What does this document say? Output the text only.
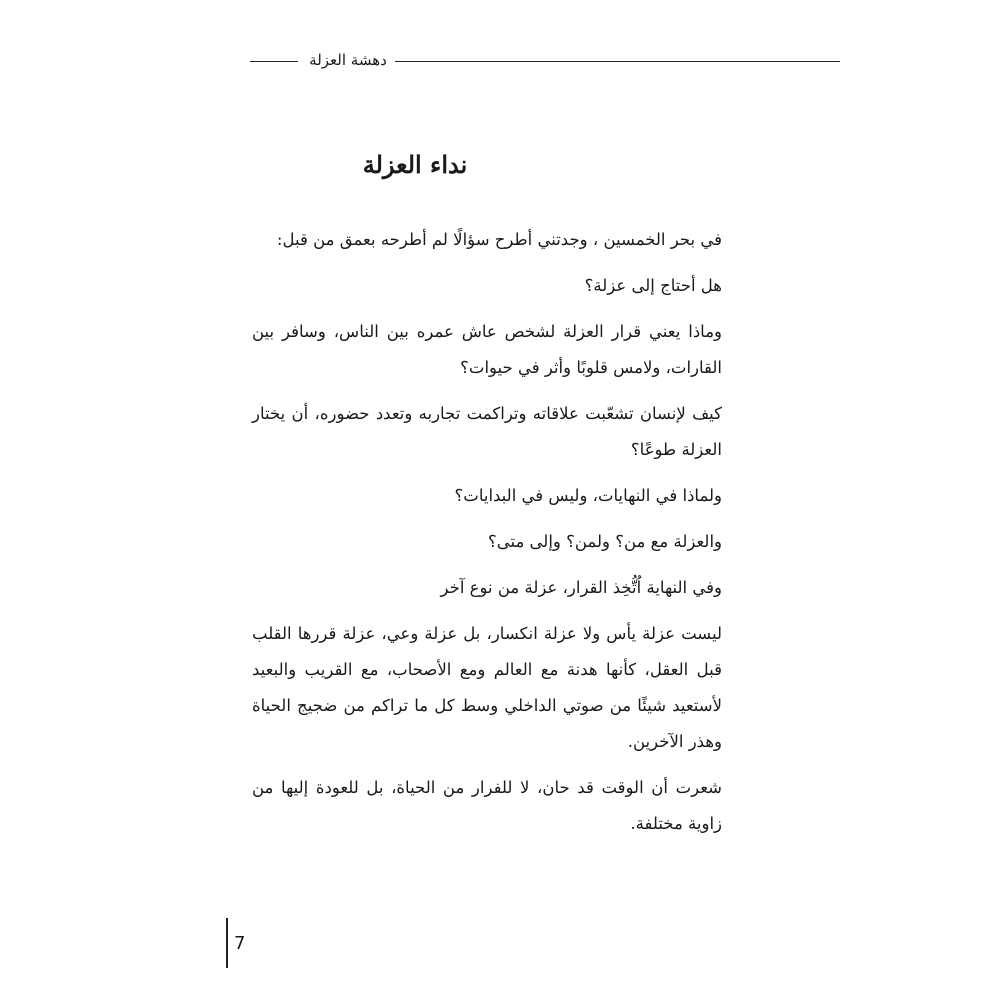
دهشة العزلة
نداء العزلة

في بحر الخمسين ، وجدتني أطرح سؤالًا لم أطرحه بعمق من قبل:

هل أحتاج إلى عزلة؟

وماذا يعني قرار العزلة لشخص عاش عمره بين الناس، وسافر بين القارات، ولامس قلوبًا وأثر في حيوات؟

كيف لإنسان تشعّبت علاقاته وتراكمت تجاربه وتعدد حضوره، أن يختار العزلة طوعًا؟

ولماذا في النهايات، وليس في البدايات؟

والعزلة مع من؟ ولمن؟ وإلى متى؟

وفي النهاية اُتُّخِذ القرار، عزلة من نوع آخر

ليست عزلة يأس ولا عزلة انكسار، بل عزلة وعي، عزلة قررها القلب قبل العقل، كأنها هدنة مع العالم ومع الأصحاب، مع القريب والبعيد لأستعيد شيئًا من صوتي الداخلي وسط كل ما تراكم من ضجيج الحياة وهذر الآخرين.

شعرت أن الوقت قد حان، لا للفرار من الحياة، بل للعودة إليها من زاوية مختلفة.

7
